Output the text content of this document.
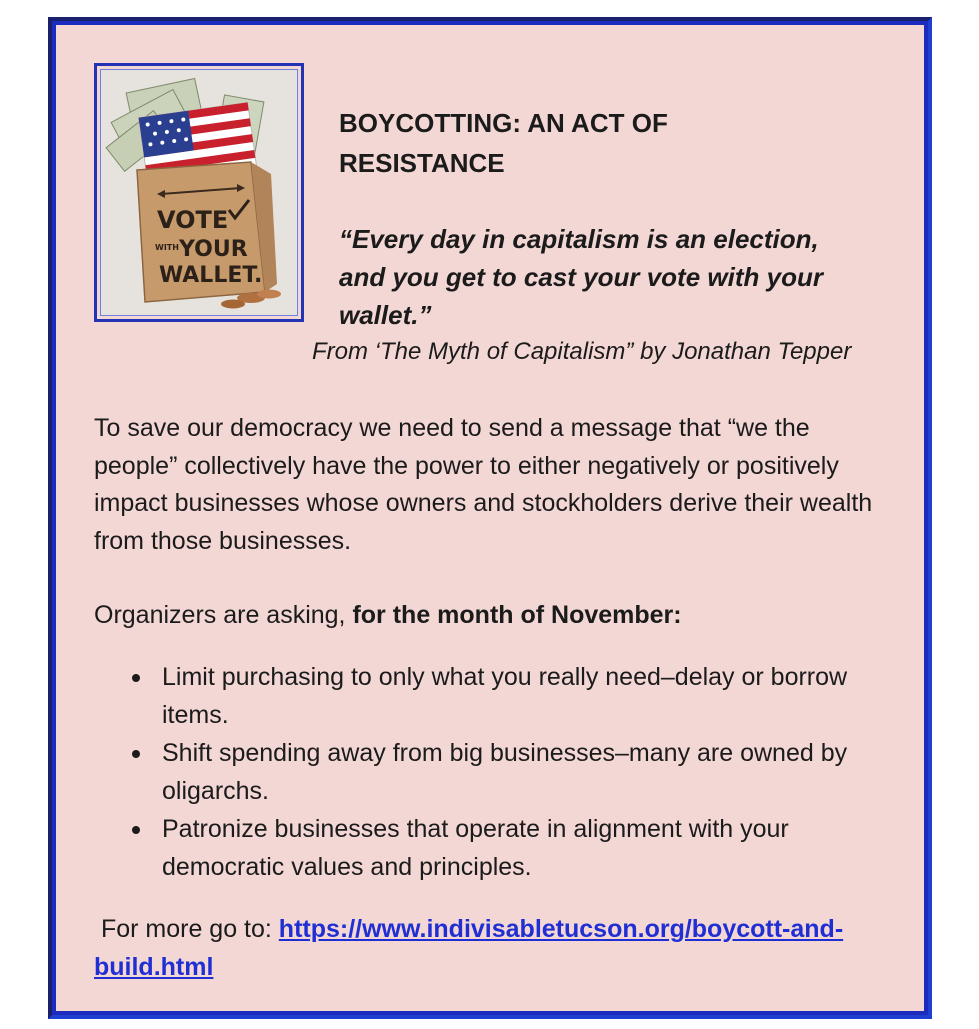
VOTE
WITH YOUR
WALLET.

BOYCOTTING: AN ACT OF
RESISTANCE

“Every day in capitalism is an election, and you get to cast your vote with your wallet.”

From ‘The Myth of Capitalism” by Jonathan Tepper

To save our democracy we need to send a message that “we the people” collectively have the power to either negatively or positively impact businesses whose owners and stockholders derive their wealth from those businesses.

Organizers are asking, for the month of November:

Limit purchasing to only what you really need–delay or borrow items.
Shift spending away from big businesses–many are owned by oligarchs.
Patronize businesses that operate in alignment with your democratic values and principles.

For more go to: https://www.indivisabletucson.org/boycott-and-build.html
